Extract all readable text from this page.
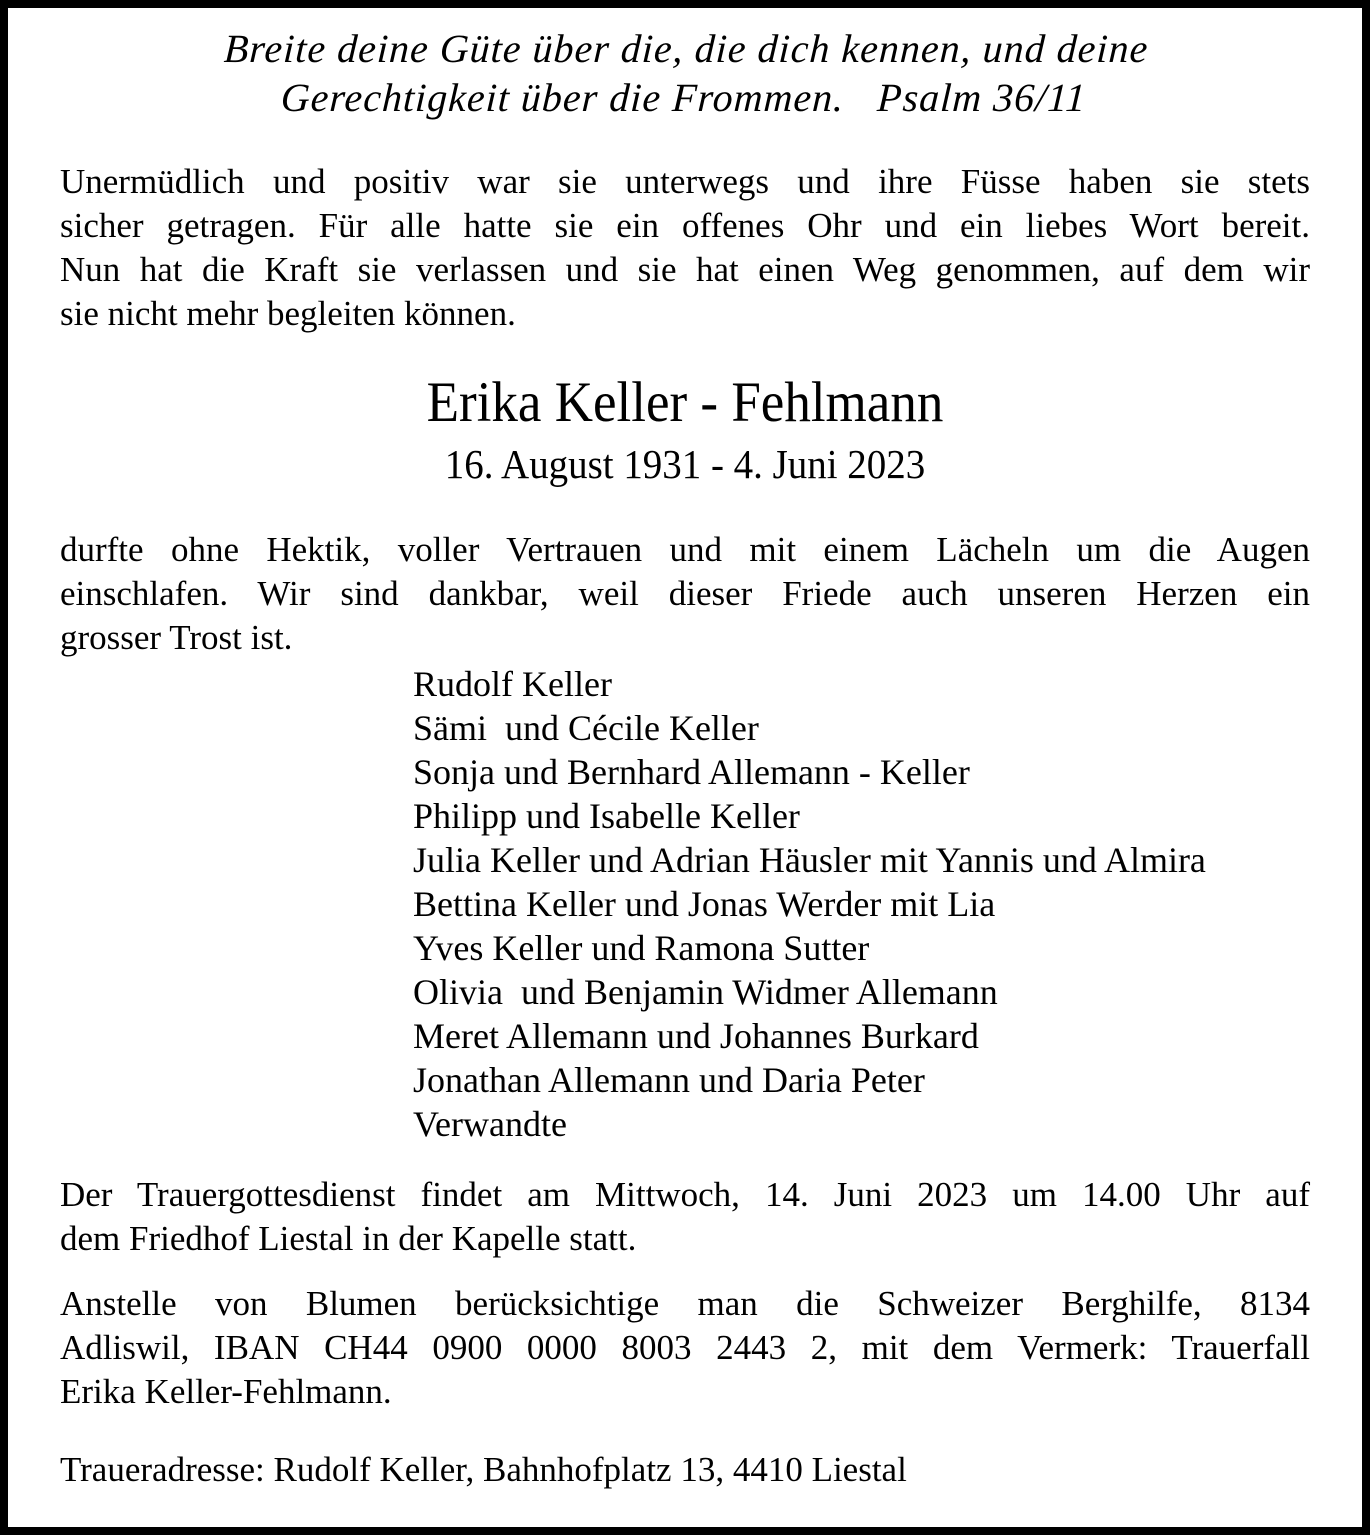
Breite deine Güte über die, die dich kennen, und deine
Gerechtigkeit über die Frommen.   Psalm 36/11
Unermüdlich und positiv war sie unterwegs und ihre Füsse haben sie stets
sicher getragen. Für alle hatte sie ein offenes Ohr und ein liebes Wort bereit.
Nun hat die Kraft sie verlassen und sie hat einen Weg genommen, auf dem wir
sie nicht mehr begleiten können.
Erika Keller - Fehlmann
16. August 1931 - 4. Juni 2023
durfte ohne Hektik, voller Vertrauen und mit einem Lächeln um die Augen
einschlafen. Wir sind dankbar, weil dieser Friede auch unseren Herzen ein
grosser Trost ist.
Rudolf Keller
Sämi  und Cécile Keller
Sonja und Bernhard Allemann - Keller
Philipp und Isabelle Keller
Julia Keller und Adrian Häusler mit Yannis und Almira
Bettina Keller und Jonas Werder mit Lia
Yves Keller und Ramona Sutter
Olivia  und Benjamin Widmer Allemann
Meret Allemann und Johannes Burkard
Jonathan Allemann und Daria Peter
Verwandte
Der Trauergottesdienst findet am Mittwoch, 14. Juni 2023 um 14.00 Uhr auf
dem Friedhof Liestal in der Kapelle statt.
Anstelle von Blumen berücksichtige man die Schweizer Berghilfe, 8134
Adliswil, IBAN CH44 0900 0000 8003 2443 2, mit dem Vermerk: Trauerfall
Erika Keller-Fehlmann.
Traueradresse: Rudolf Keller, Bahnhofplatz 13, 4410 Liestal
